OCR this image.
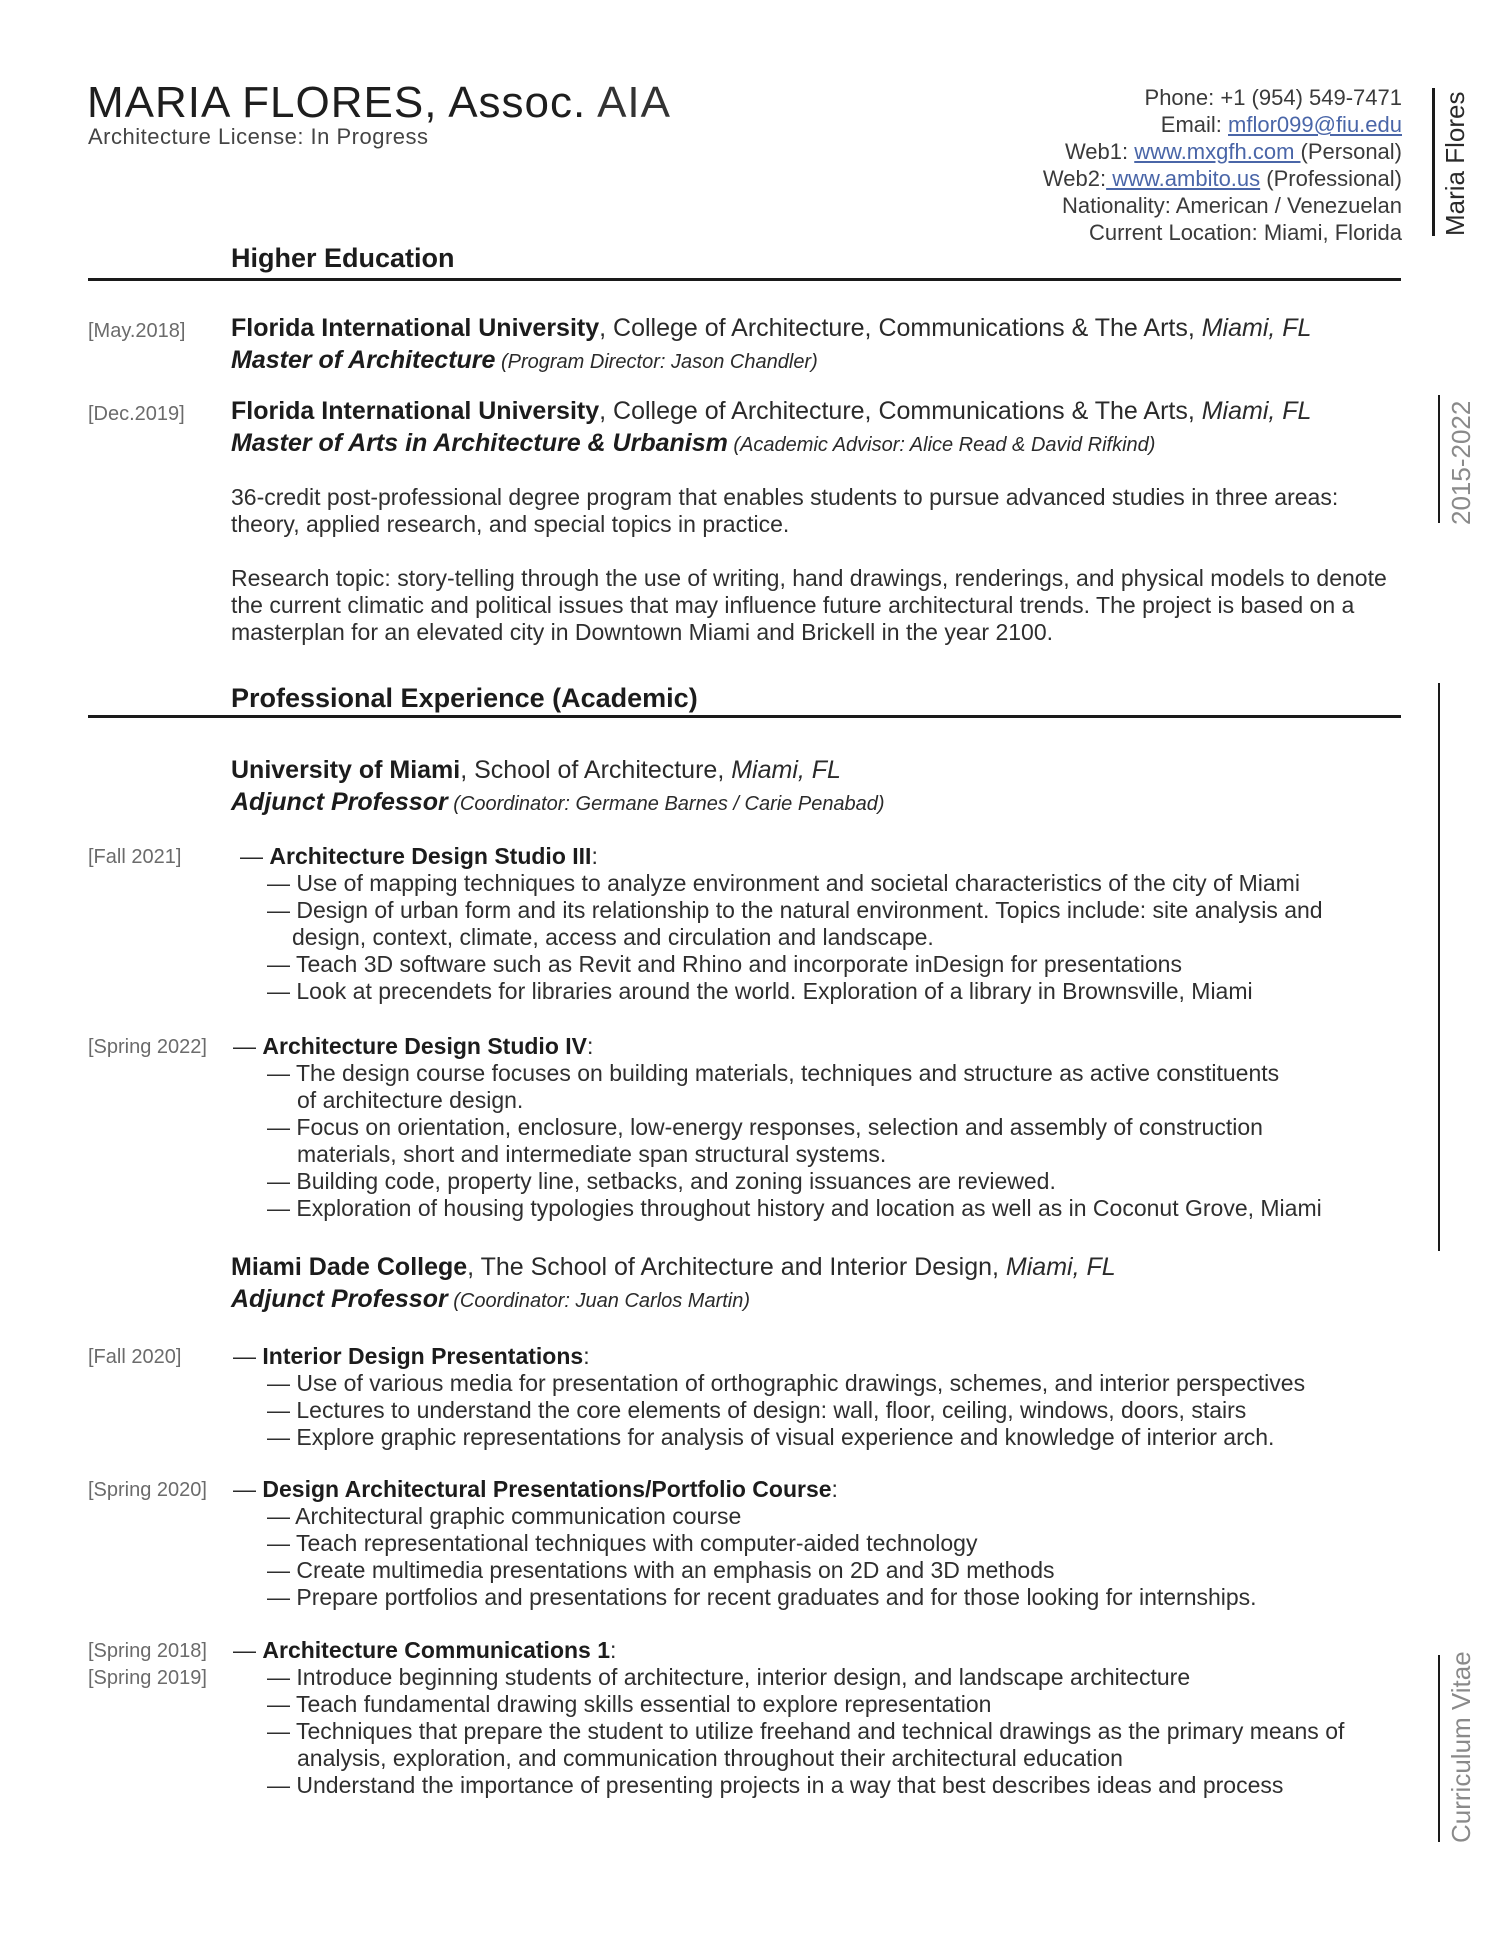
MARIA FLORES, Assoc. AIA
Architecture License: In Progress
Phone: +1 (954) 549-7471
Email: mflor099@fiu.edu
Web1: www.mxgfh.com (Personal)
Web2: www.ambito.us (Professional)
Nationality: American / Venezuelan
Current Location: Miami, Florida Maria Flores
2015-2022
Curriculum Vitae
Higher Education
[May.2018] Florida International University, College of Architecture, Communications & The Arts, Miami, FL
Master of Architecture (Program Director: Jason Chandler)
[Dec.2019] Florida International University, College of Architecture, Communications & The Arts, Miami, FL
Master of Arts in Architecture & Urbanism (Academic Advisor: Alice Read & David Rifkind)
36-credit post-professional degree program that enables students to pursue advanced studies in three areas: theory, applied research, and special topics in practice.
Research topic: story-telling through the use of writing, hand drawings, renderings, and physical models to denote the current climatic and political issues that may influence future architectural trends. The project is based on a masterplan for an elevated city in Downtown Miami and Brickell in the year 2100.
Professional Experience (Academic)
University of Miami, School of Architecture, Miami, FL
Adjunct Professor (Coordinator: Germane Barnes / Carie Penabad)
[Fall 2021]	— Architecture Design Studio III:
— Use of mapping techniques to analyze environment and societal characteristics of the city of Miami
— Design of urban form and its relationship to the natural environment. Topics include: site analysis and
design, context, climate, access and circulation and landscape.
— Teach 3D software such as Revit and Rhino and incorporate inDesign for presentations
— Look at precendets for libraries around the world. Exploration of a library in Brownsville, Miami
[Spring 2022] — Architecture Design Studio IV:
— The design course focuses on building materials, techniques and structure as active constituents
of architecture design.
— Focus on orientation, enclosure, low-energy responses, selection and assembly of construction
materials, short and intermediate span structural systems.
— Building code, property line, setbacks, and zoning issuances are reviewed.
— Exploration of housing typologies throughout history and location as well as in Coconut Grove, Miami
Miami Dade College, The School of Architecture and Interior Design, Miami, FL
Adjunct Professor (Coordinator: Juan Carlos Martin)
[Fall 2020] — Interior Design Presentations:
— Use of various media for presentation of orthographic drawings, schemes, and interior perspectives
— Lectures to understand the core elements of design: wall, floor, ceiling, windows, doors, stairs
— Explore graphic representations for analysis of visual experience and knowledge of interior arch.
[Spring 2020] — Design Architectural Presentations/Portfolio Course:
— Architectural graphic communication course
— Teach representational techniques with computer-aided technology
— Create multimedia presentations with an emphasis on 2D and 3D methods
— Prepare portfolios and presentations for recent graduates and for those looking for internships.
[Spring 2018]
[Spring 2019]
— Architecture Communications 1:
— Introduce beginning students of architecture, interior design, and landscape architecture
— Teach fundamental drawing skills essential to explore representation
— Techniques that prepare the student to utilize freehand and technical drawings as the primary means of
analysis, exploration, and communication throughout their architectural education
— Understand the importance of presenting projects in a way that best describes ideas and process
